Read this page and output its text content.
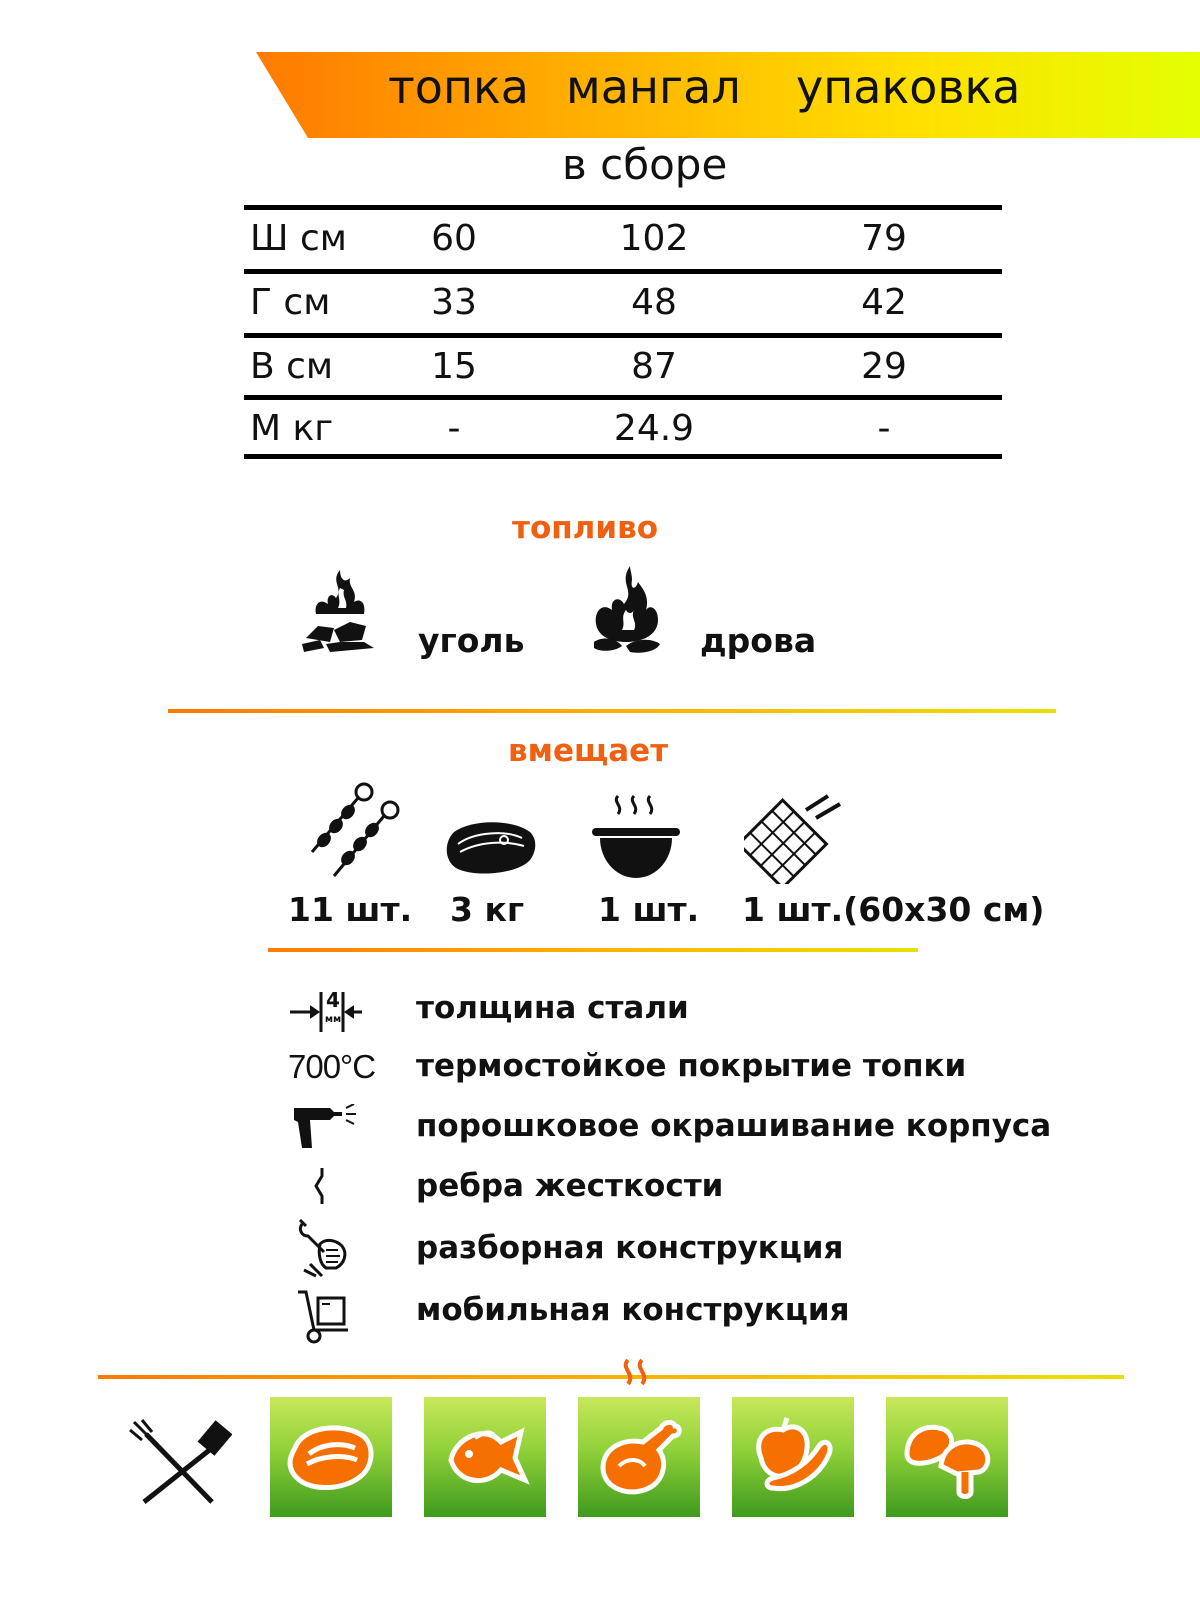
топка мангал упаковка
в сборе
Ш см	60	102	79
Г см	33	48	42
В см	15	87	29
М кг	-	24.9	-
топливо
уголь	дрова
вмещает
11 шт. 3 кг 1 шт. 1 шт.(60x30 см)
4
мм толщина стали
700°C термостойкое покрытие топки
порошковое окрашивание корпуса
ребра жесткости
разборная конструкция
мобильная конструкция
